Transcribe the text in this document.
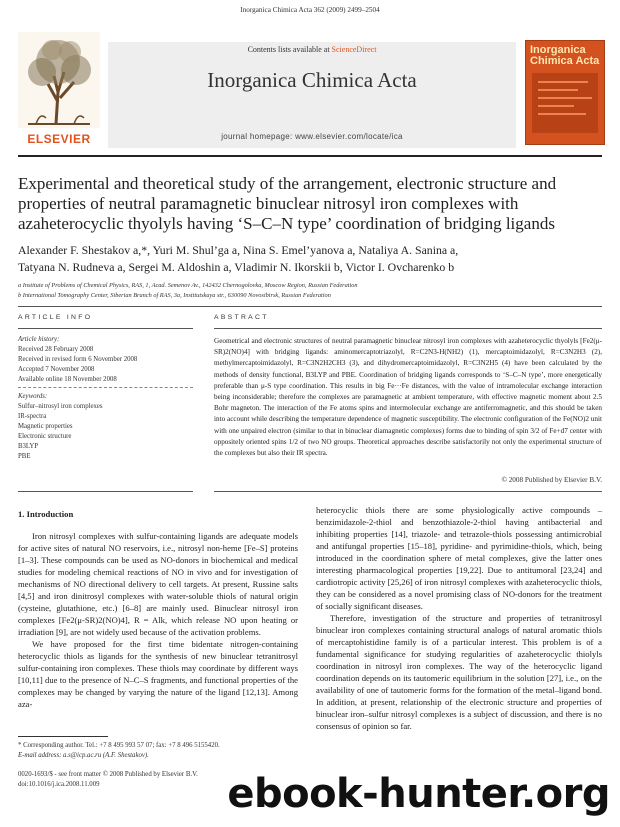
Inorganica Chimica Acta 362 (2009) 2499–2504
ELSEVIER
Contents lists available at ScienceDirect
Inorganica Chimica Acta
journal homepage: www.elsevier.com/locate/ica
Inorganica Chimica Acta
Experimental and theoretical study of the arrangement, electronic structure and properties of neutral paramagnetic binuclear nitrosyl iron complexes with azaheterocyclic thyolyls having ‘S–C–N type’ coordination of bridging ligands
Alexander F. Shestakov a,*, Yuri M. Shul’ga a, Nina S. Emel’yanova a, Nataliya A. Sanina a,
Tatyana N. Rudneva a, Sergei M. Aldoshin a, Vladimir N. Ikorskii b, Victor I. Ovcharenko b
a Institute of Problems of Chemical Physics, RAS, 1, Acad. Semenov Av., 142432 Chernogolovka, Moscow Region, Russian Federation
b International Tomography Center, Siberian Branch of RAS, 3a, Institutskaya str., 630090 Novosibirsk, Russian Federation
ARTICLE INFO	ABSTRACT
Article history:
Received 28 February 2008
Received in revised form 6 November 2008
Accepted 7 November 2008
Available online 18 November 2008
Keywords:
Sulfur–nitrosyl iron complexes
IR-spectra
Magnetic properties
Electronic structure
B3LYP
PBE
Geometrical and electronic structures of neutral paramagnetic binuclear nitrosyl iron complexes with azaheterocyclic thyolyls [Fe2(μ-SR)2(NO)4] with bridging ligands: aminomercaptotriazolyl, R=C2N3-H(NH2) (1), mercaptoimidazolyl, R=C3N2H3 (2), methylmercaptoimidazolyl, R=C3N2H2CH3 (3), and dihydromercaptoimidazolyl, R=C3N2H5 (4) have been calculated by the methods of density functional, B3LYP and PBE. Coordination of bridging ligands corresponds to ‘S–C–N type’, more energetically preferable than μ-S type coordination. This results in big Fe···Fe distances, with the value of intramolecular exchange interaction being inconsiderable; therefore the complexes are paramagnetic at ambient temperature, with effective magnetic moment about 2.5 Bohr magneton. The interaction of the Fe atoms spins and intermolecular exchange are antiferromagnetic, and this should be taken into account while describing the temperature dependence of magnetic susceptibility. The electronic configuration of the Fe(NO)2 unit with one unpaired electron (similar to that in binuclear diamagnetic complexes) forms due to binding of spin 3/2 of Fe+d7 center with oppositely oriented spins 1/2 of two NO groups. Theoretical approaches describe satisfactorily not only the experimental structure of the complexes but also their IR spectra.
© 2008 Published by Elsevier B.V.
1. Introduction

Iron nitrosyl complexes with sulfur-containing ligands are adequate models for active sites of natural NO reservoirs, i.e., nitrosyl non-heme [Fe–S] proteins [1–3]. These compounds can be used as NO-donors in biochemical and medical studies for modeling chemical reactions of NO in vivo and for investigation of mechanisms of NO directional delivery to cell targets. At present, Russine salts [4,5] and iron dinitrosyl complexes with water-soluble thiols of natural origin (cysteine, glutathione, etc.) [6–8] are mainly used. Binuclear nitrosyl iron complexes [Fe2(μ-SR)2(NO)4], R = Alk, which release NO upon heating or irradiation [9], are not widely used because of the activation problems.

We have proposed for the first time bidentate nitrogen-containing heterocyclic thiols as ligands for the synthesis of new binuclear tetranitrosyl sulfur-containing iron complexes. These thiols may coordinate by different ways [10,11] due to the presence of N–C–S fragments, and functional properties of the complexes may be changed by varying the nature of the ligand [12,13]. Among aza-

heterocyclic thiols there are some physiologically active compounds – benzimidazole-2-thiol and benzothiazole-2-thiol having antibacterial and inhibiting properties [14], triazole- and tetrazole-thiols possessing antimicrobial and antifungal properties [15–18], pyridine- and pyrimidine-thiols, which, being introduced in the coordination sphere of metal complexes, give the latter ones interesting pharmacological properties [19,22]. Due to antitumoral [23,24] and cardiotropic activity [25,26] of iron nitrosyl complexes with azaheterocyclic thiols, they can be considered as a novel promising class of NO-donors for the treatment of socially significant diseases.

Therefore, investigation of the structure and properties of tetranitrosyl binuclear iron complexes containing structural analogs of natural aromatic thiols of mercaptohistidine family is of a particular interest. This problem is of a fundamental significance for studying regularities of azaheterocyclic thiolyls coordination in nitrosyl iron complexes. The way of the heterocyclic ligand coordination depends on its tautomeric equilibrium in the solution [27], i.e., on the availability of one of tautomeric forms for the formation of the metal–ligand bond. In addition, at present, relationship of the electronic structure and properties of binuclear iron–sulfur nitrosyl complexes is a subject of discussion, and there is no consensus of opinion so far.

* Corresponding author. Tel.: +7 8 495 993 57 07; fax: +7 8 496 5155420.
E-mail address: a.s@icp.ac.ru (A.F. Shestakov).
0020-1693/$ - see front matter © 2008 Published by Elsevier B.V.
doi:10.1016/j.ica.2008.11.009	ebook-hunter.org
